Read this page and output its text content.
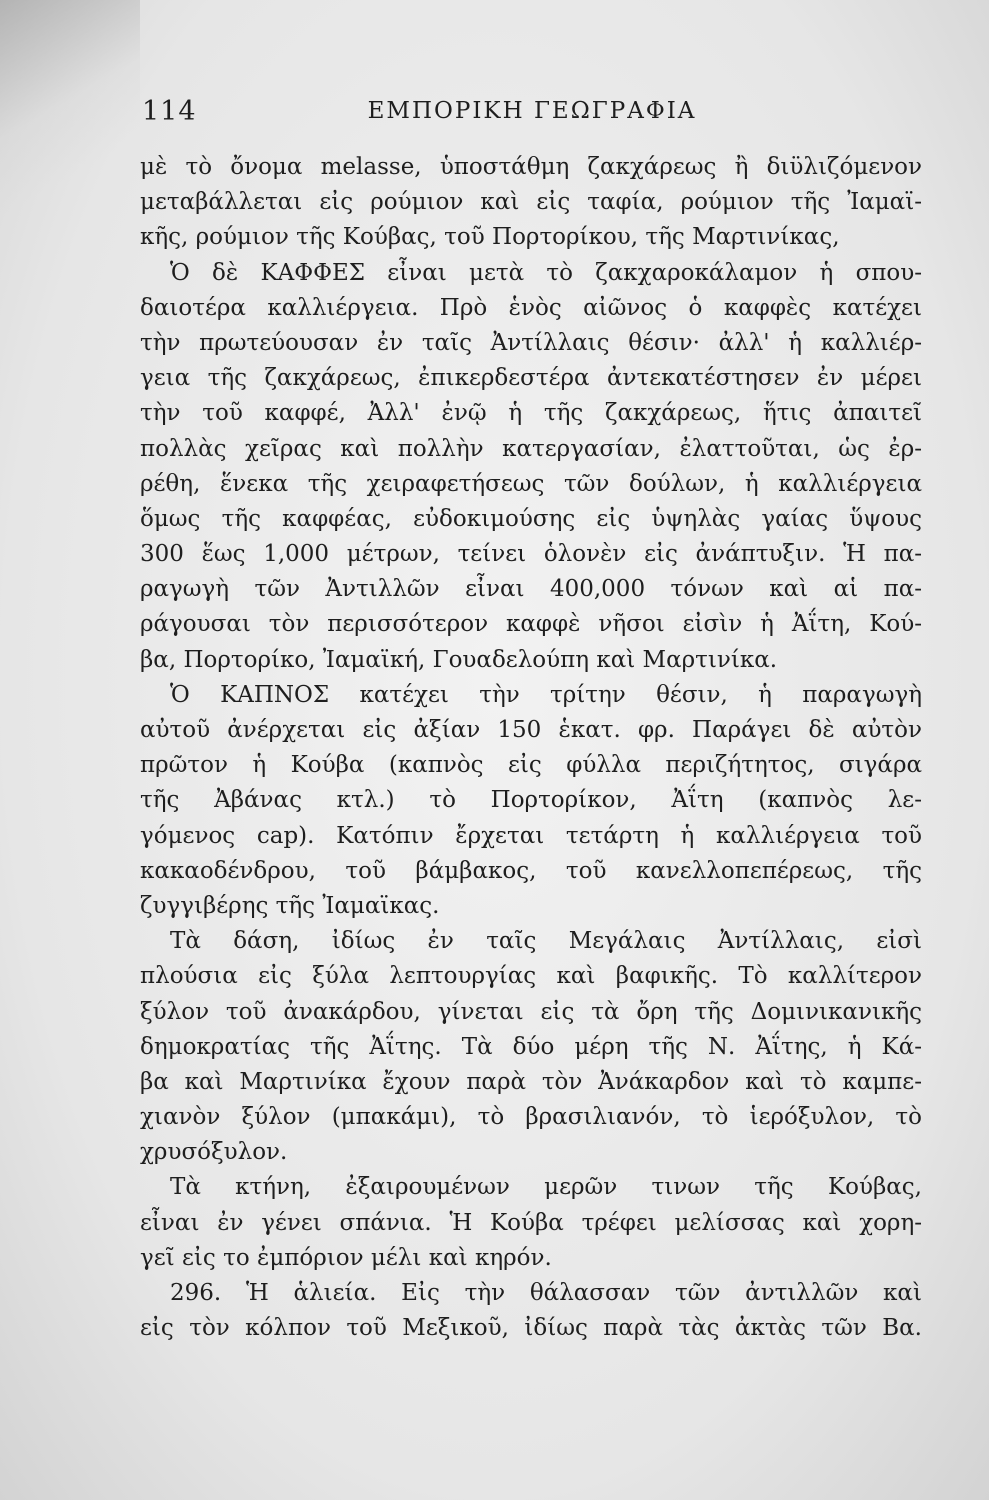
114	ΕΜΠΟΡΙΚΗ ΓΕΩΓΡΑΦΙΑ
μὲ τὸ ὄνομα melasse, ὑποστάθμη ζακχάρεως ἢ διϋλιζόμενον
μεταβάλλεται εἰς ρούμιον καὶ εἰς ταφία, ρούμιον τῆς Ἰαμαϊ-
κῆς, ρούμιον τῆς Κούβας, τοῦ Πορτορίκου, τῆς Μαρτινίκας,
Ὁ δὲ ΚΑΦΦΕΣ εἶναι μετὰ τὸ ζακχαροκάλαμον ἡ σπου-
δαιοτέρα καλλιέργεια. Πρὸ ἑνὸς αἰῶνος ὁ καφφὲς κατέχει
τὴν πρωτεύουσαν ἐν ταῖς Ἀντίλλαις θέσιν· ἀλλ' ἡ καλλιέρ-
γεια τῆς ζακχάρεως, ἐπικερδεστέρα ἀντεκατέστησεν ἐν μέρει
τὴν τοῦ καφφέ, Ἀλλ' ἐνῷ ἡ τῆς ζακχάρεως, ἥτις ἀπαιτεῖ
πολλὰς χεῖρας καὶ πολλὴν κατεργασίαν, ἐλαττοῦται, ὡς ἐρ-
ρέθη, ἕνεκα τῆς χειραφετήσεως τῶν δούλων, ἡ καλλιέργεια
ὅμως τῆς καφφέας, εὐδοκιμούσης εἰς ὑψηλὰς γαίας ὕψους
300 ἕως 1,000 μέτρων, τείνει ὁλονὲν εἰς ἀνάπτυξιν. Ἡ πα-
ραγωγὴ τῶν Ἀντιλλῶν εἶναι 400,000 τόνων καὶ αἱ πα-
ράγουσαι τὸν περισσότερον καφφὲ νῆσοι εἰσὶν ἡ Ἀΐτη, Κού-
βα, Πορτορίκο, Ἰαμαϊκή, Γουαδελούπη καὶ Μαρτινίκα.
Ὁ ΚΑΠΝΟΣ κατέχει τὴν τρίτην θέσιν, ἡ παραγωγὴ
αὐτοῦ ἀνέρχεται εἰς ἀξίαν 150 ἑκατ. φρ. Παράγει δὲ αὐτὸν
πρῶτον ἡ Κούβα (καπνὸς εἰς φύλλα περιζήτητος, σιγάρα
τῆς Ἀβάνας κτλ.) τὸ Πορτορίκον, Ἀΐτη (καπνὸς λε-
γόμενος cap). Κατόπιν ἔρχεται τετάρτη ἡ καλλιέργεια τοῦ
κακαοδένδρου, τοῦ βάμβακος, τοῦ κανελλοπεπέρεως, τῆς
ζυγγιβέρης τῆς Ἰαμαϊκας.
Τὰ δάση, ἰδίως ἐν ταῖς Μεγάλαις Ἀντίλλαις, εἰσὶ
πλούσια εἰς ξύλα λεπτουργίας καὶ βαφικῆς. Τὸ καλλίτερον
ξύλον τοῦ ἀνακάρδου, γίνεται εἰς τὰ ὄρη τῆς Δομινικανικῆς
δημοκρατίας τῆς Ἀΐτης. Τὰ δύο μέρη τῆς Ν. Ἀΐτης, ἡ Κά-
βα καὶ Μαρτινίκα ἔχουν παρὰ τὸν Ἀνάκαρδον καὶ τὸ καμπε-
χιανὸν ξύλον (μπακάμι), τὸ βρασιλιανόν, τὸ ἱερόξυλον, τὸ
χρυσόξυλον.
Τὰ κτήνη, ἐξαιρουμένων μερῶν τινων τῆς Κούβας,
εἶναι ἐν γένει σπάνια. Ἡ Κούβα τρέφει μελίσσας καὶ χορη-
γεῖ εἰς το ἐμπόριον μέλι καὶ κηρόν.
296. Ἡ ἁλιεία. Εἰς τὴν θάλασσαν τῶν ἀντιλλῶν καὶ
εἰς τὸν κόλπον τοῦ Μεξικοῦ, ἰδίως παρὰ τὰς ἀκτὰς τῶν Βα.
